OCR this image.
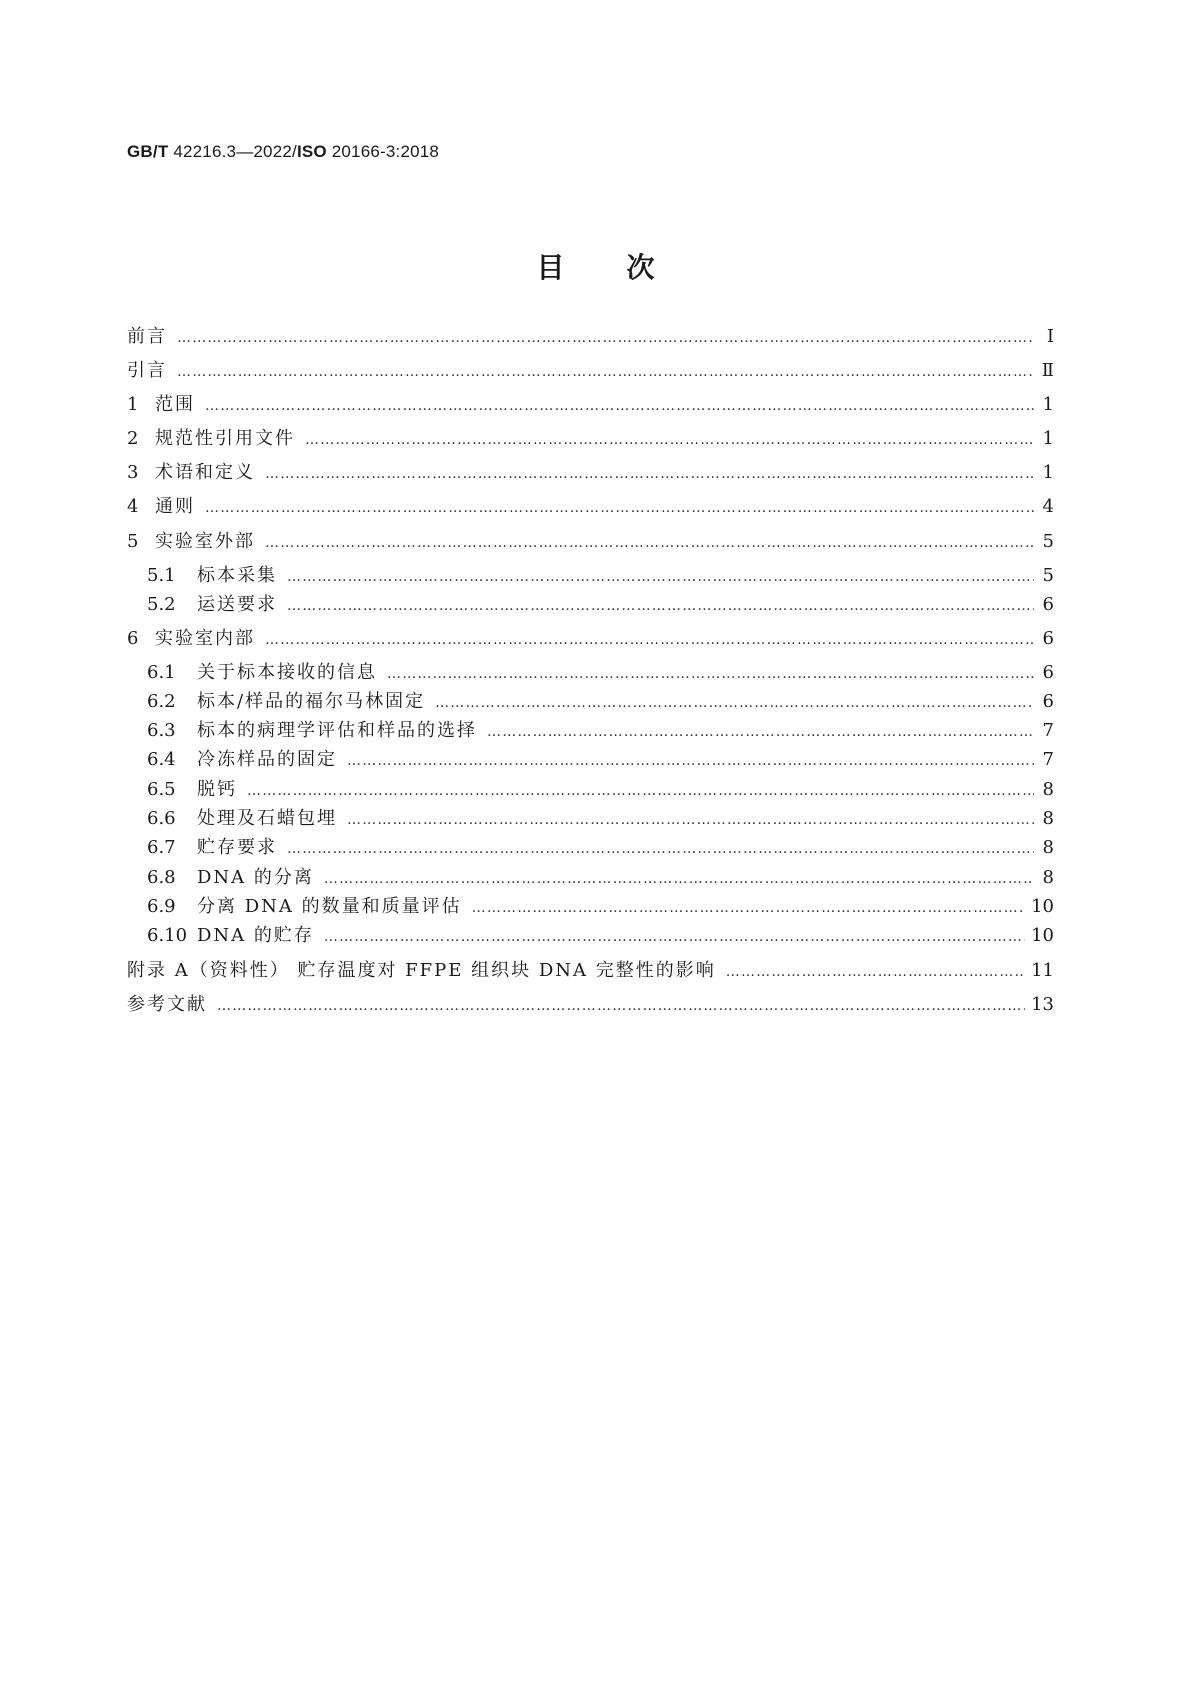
GB/T 42216.3—2022/ISO 20166-3:2018
目次
前言 ……………………………………………………………………………………………………………………………………………………………………………………………………………………………………………………	Ⅰ
引言 ……………………………………………………………………………………………………………………………………………………………………………………………………………………………………………………	Ⅱ
1 范围 ……………………………………………………………………………………………………………………………………………………………………………………………………………………………………………………	1
2 规范性引用文件 ……………………………………………………………………………………………………………………………………………………………………………………………………………………………………………………	1
3 术语和定义 ……………………………………………………………………………………………………………………………………………………………………………………………………………………………………………………	1
4 通则 ……………………………………………………………………………………………………………………………………………………………………………………………………………………………………………………	4
5 实验室外部 ……………………………………………………………………………………………………………………………………………………………………………………………………………………………………………………	5
5.1	标本采集 ……………………………………………………………………………………………………………………………………………………………………………………………………………………………………………………	5
5.2	运送要求 ……………………………………………………………………………………………………………………………………………………………………………………………………………………………………………………	6
6 实验室内部 ……………………………………………………………………………………………………………………………………………………………………………………………………………………………………………………	6
6.1	关于标本接收的信息 ……………………………………………………………………………………………………………………………………………………………………………………………………………………………………………………	6
6.2	标本/样品的福尔马林固定 ……………………………………………………………………………………………………………………………………………………………………………………………………………………………………………………	6
6.3	标本的病理学评估和样品的选择 ……………………………………………………………………………………………………………………………………………………………………………………………………………………………………………………	7
6.4	冷冻样品的固定 ……………………………………………………………………………………………………………………………………………………………………………………………………………………………………………………	7
6.5	脱钙 ……………………………………………………………………………………………………………………………………………………………………………………………………………………………………………………	8
6.6	处理及石蜡包埋 ……………………………………………………………………………………………………………………………………………………………………………………………………………………………………………………	8
6.7	贮存要求 ……………………………………………………………………………………………………………………………………………………………………………………………………………………………………………………	8
6.8	DNA 的分离 ……………………………………………………………………………………………………………………………………………………………………………………………………………………………………………………	8
6.9	分离 DNA 的数量和质量评估 ……………………………………………………………………………………………………………………………………………………………………………………………………………………………………………………	10
6.10 DNA 的贮存 ……………………………………………………………………………………………………………………………………………………………………………………………………………………………………………………	10
附录 A（资料性） 贮存温度对 FFPE 组织块 DNA 完整性的影响 ……………………………………………………………………………………………………………………………………………………………………………………………………………………………………………………	11
参考文献 ……………………………………………………………………………………………………………………………………………………………………………………………………………………………………………………	13
